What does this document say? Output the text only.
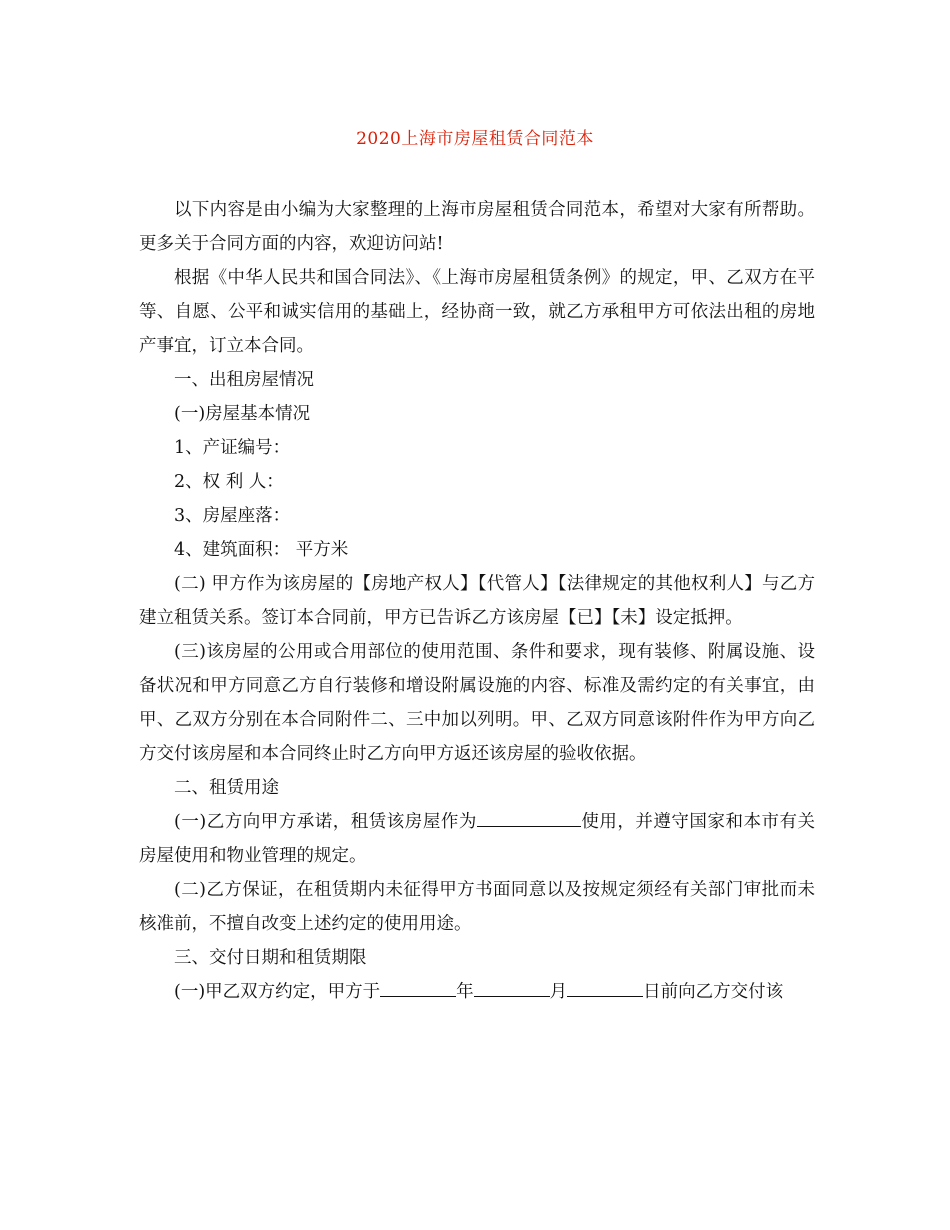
2020上海市房屋租赁合同范本

以下内容是由小编为大家整理的上海市房屋租赁合同范本，希望对大家有所帮助。更多关于合同方面的内容，欢迎访问站!

根据《中华人民共和国合同法》、《上海市房屋租赁条例》的规定，甲、乙双方在平等、自愿、公平和诚实信用的基础上，经协商一致，就乙方承租甲方可依法出租的房地产事宜，订立本合同。

一、出租房屋情况

(一)房屋基本情况

1、产证编号：

2、权 利 人：

3、房屋座落：

4、建筑面积： 平方米

(二) 甲方作为该房屋的【房地产权人】【代管人】【法律规定的其他权利人】与乙方建立租赁关系。签订本合同前，甲方已告诉乙方该房屋【已】【未】设定抵押。

(三)该房屋的公用或合用部位的使用范围、条件和要求，现有装修、附属设施、设备状况和甲方同意乙方自行装修和增设附属设施的内容、标准及需约定的有关事宜，由甲、乙双方分别在本合同附件二、三中加以列明。甲、乙双方同意该附件作为甲方向乙方交付该房屋和本合同终止时乙方向甲方返还该房屋的验收依据。

二、租赁用途

(一)乙方向甲方承诺，租赁该房屋作为	使用，并遵守国家和本市有关房屋使用和物业管理的规定。

(二)乙方保证，在租赁期内未征得甲方书面同意以及按规定须经有关部门审批而未核准前，不擅自改变上述约定的使用用途。

三、交付日期和租赁期限

(一)甲乙双方约定，甲方于	年	月	日前向乙方交付该
